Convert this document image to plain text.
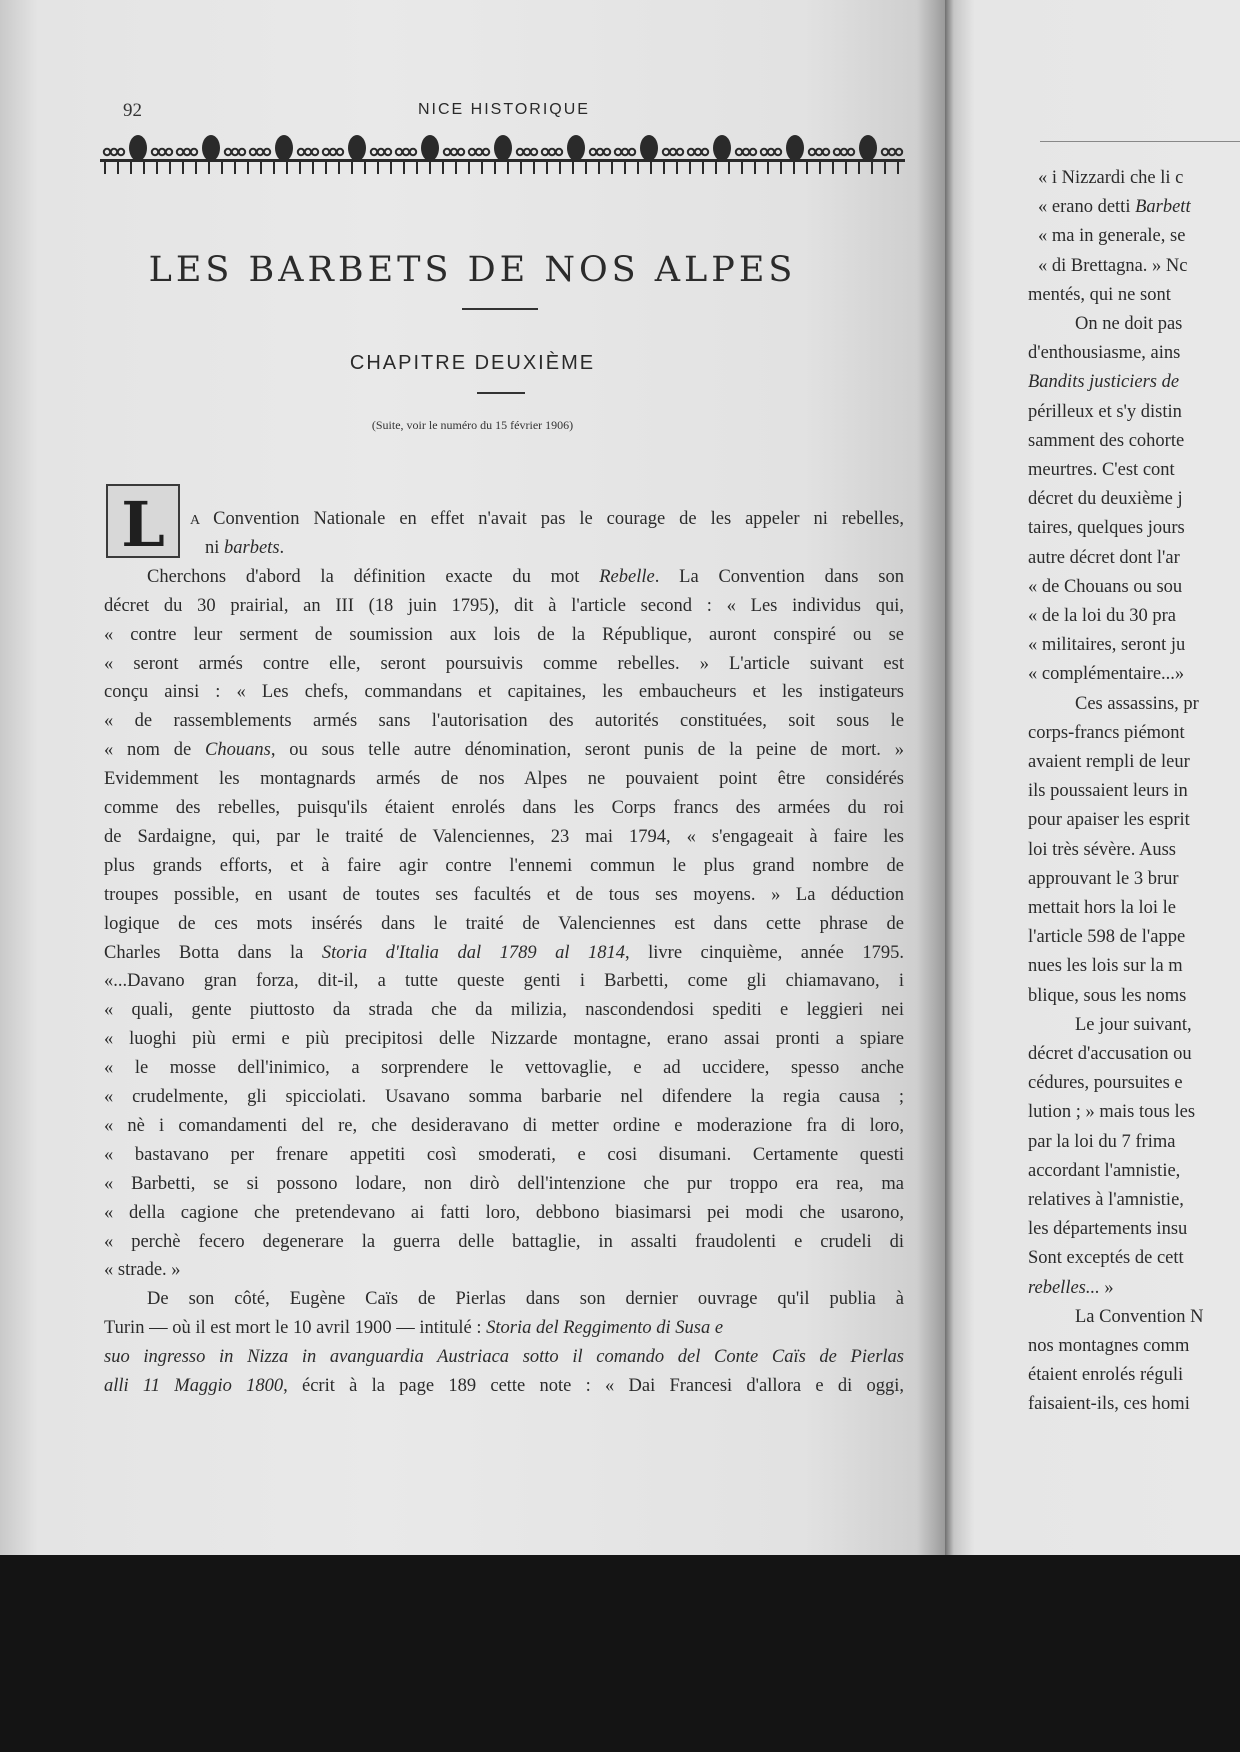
92	NICE HISTORIQUE
LES BARBETS DE NOS ALPES
CHAPITRE DEUXIÈME
(Suite, voir le numéro du 15 février 1906)
L	A Convention Nationale en effet n'avait pas le courage de les appeler ni rebelles,
ni barbets.
Cherchons d'abord la définition exacte du mot Rebelle. La Convention dans son
décret du 30 prairial, an III (18 juin 1795), dit à l'article second : « Les individus qui,
« contre leur serment de soumission aux lois de la République, auront conspiré ou se
« seront armés contre elle, seront poursuivis comme rebelles. » L'article suivant est
conçu ainsi : « Les chefs, commandans et capitaines, les embaucheurs et les instigateurs
« de rassemblements armés sans l'autorisation des autorités constituées, soit sous le
« nom de Chouans, ou sous telle autre dénomination, seront punis de la peine de mort. »
Evidemment les montagnards armés de nos Alpes ne pouvaient point être considérés
comme des rebelles, puisqu'ils étaient enrolés dans les Corps francs des armées du roi
de Sardaigne, qui, par le traité de Valenciennes, 23 mai 1794, « s'engageait à faire les
plus grands efforts, et à faire agir contre l'ennemi commun le plus grand nombre de
troupes possible, en usant de toutes ses facultés et de tous ses moyens. » La déduction
logique de ces mots insérés dans le traité de Valenciennes est dans cette phrase de
Charles Botta dans la Storia d'Italia dal 1789 al 1814, livre cinquième, année 1795.
«...Davano gran forza, dit-il, a tutte queste genti i Barbetti, come gli chiamavano, i
« quali, gente piuttosto da strada che da milizia, nascondendosi spediti e leggieri nei
« luoghi più ermi e più precipitosi delle Nizzarde montagne, erano assai pronti a spiare
« le mosse dell'inimico, a sorprendere le vettovaglie, e ad uccidere, spesso anche
« crudelmente, gli spicciolati. Usavano somma barbarie nel difendere la regia causa ;
« nè i comandamenti del re, che desideravano di metter ordine e moderazione fra di loro,
« bastavano per frenare appetiti così smoderati, e cosi disumani. Certamente questi
« Barbetti, se si possono lodare, non dirò dell'intenzione che pur troppo era rea, ma
« della cagione che pretendevano ai fatti loro, debbono biasimarsi pei modi che usarono,
« perchè fecero degenerare la guerra delle battaglie, in assalti fraudolenti e crudeli di
« strade. »
De son côté, Eugène Caïs de Pierlas dans son dernier ouvrage qu'il publia à
Turin — où il est mort le 10 avril 1900 — intitulé : Storia del Reggimento di Susa e
suo ingresso in Nizza in avanguardia Austriaca sotto il comando del Conte Caïs de Pierlas
alli 11 Maggio 1800, écrit à la page 189 cette note : « Dai Francesi d'allora e di oggi,
« i Nizzardi che li c
« erano detti Barbett
« ma in generale, se
« di Brettagna. » Nc
mentés, qui ne sont
On ne doit pas
d'enthousiasme, ains
Bandits justiciers de
périlleux et s'y distin
samment des cohorte
meurtres. C'est cont
décret du deuxième j
taires, quelques jours
autre décret dont l'ar
« de Chouans ou sou
« de la loi du 30 pra
« militaires, seront ju
« complémentaire...»
Ces assassins, pr
corps-francs piémont
avaient rempli de leur
ils poussaient leurs in
pour apaiser les esprit
loi très sévère. Auss
approuvant le 3 brur
mettait hors la loi le
l'article 598 de l'appe
nues les lois sur la m
blique, sous les noms
Le jour suivant,
décret d'accusation ou
cédures, poursuites e
lution ; » mais tous les
par la loi du 7 frima
accordant l'amnistie,
relatives à l'amnistie,
les départements insu
Sont exceptés de cett
rebelles... »
La Convention N
nos montagnes comm
étaient enrolés réguli
faisaient-ils, ces homi
